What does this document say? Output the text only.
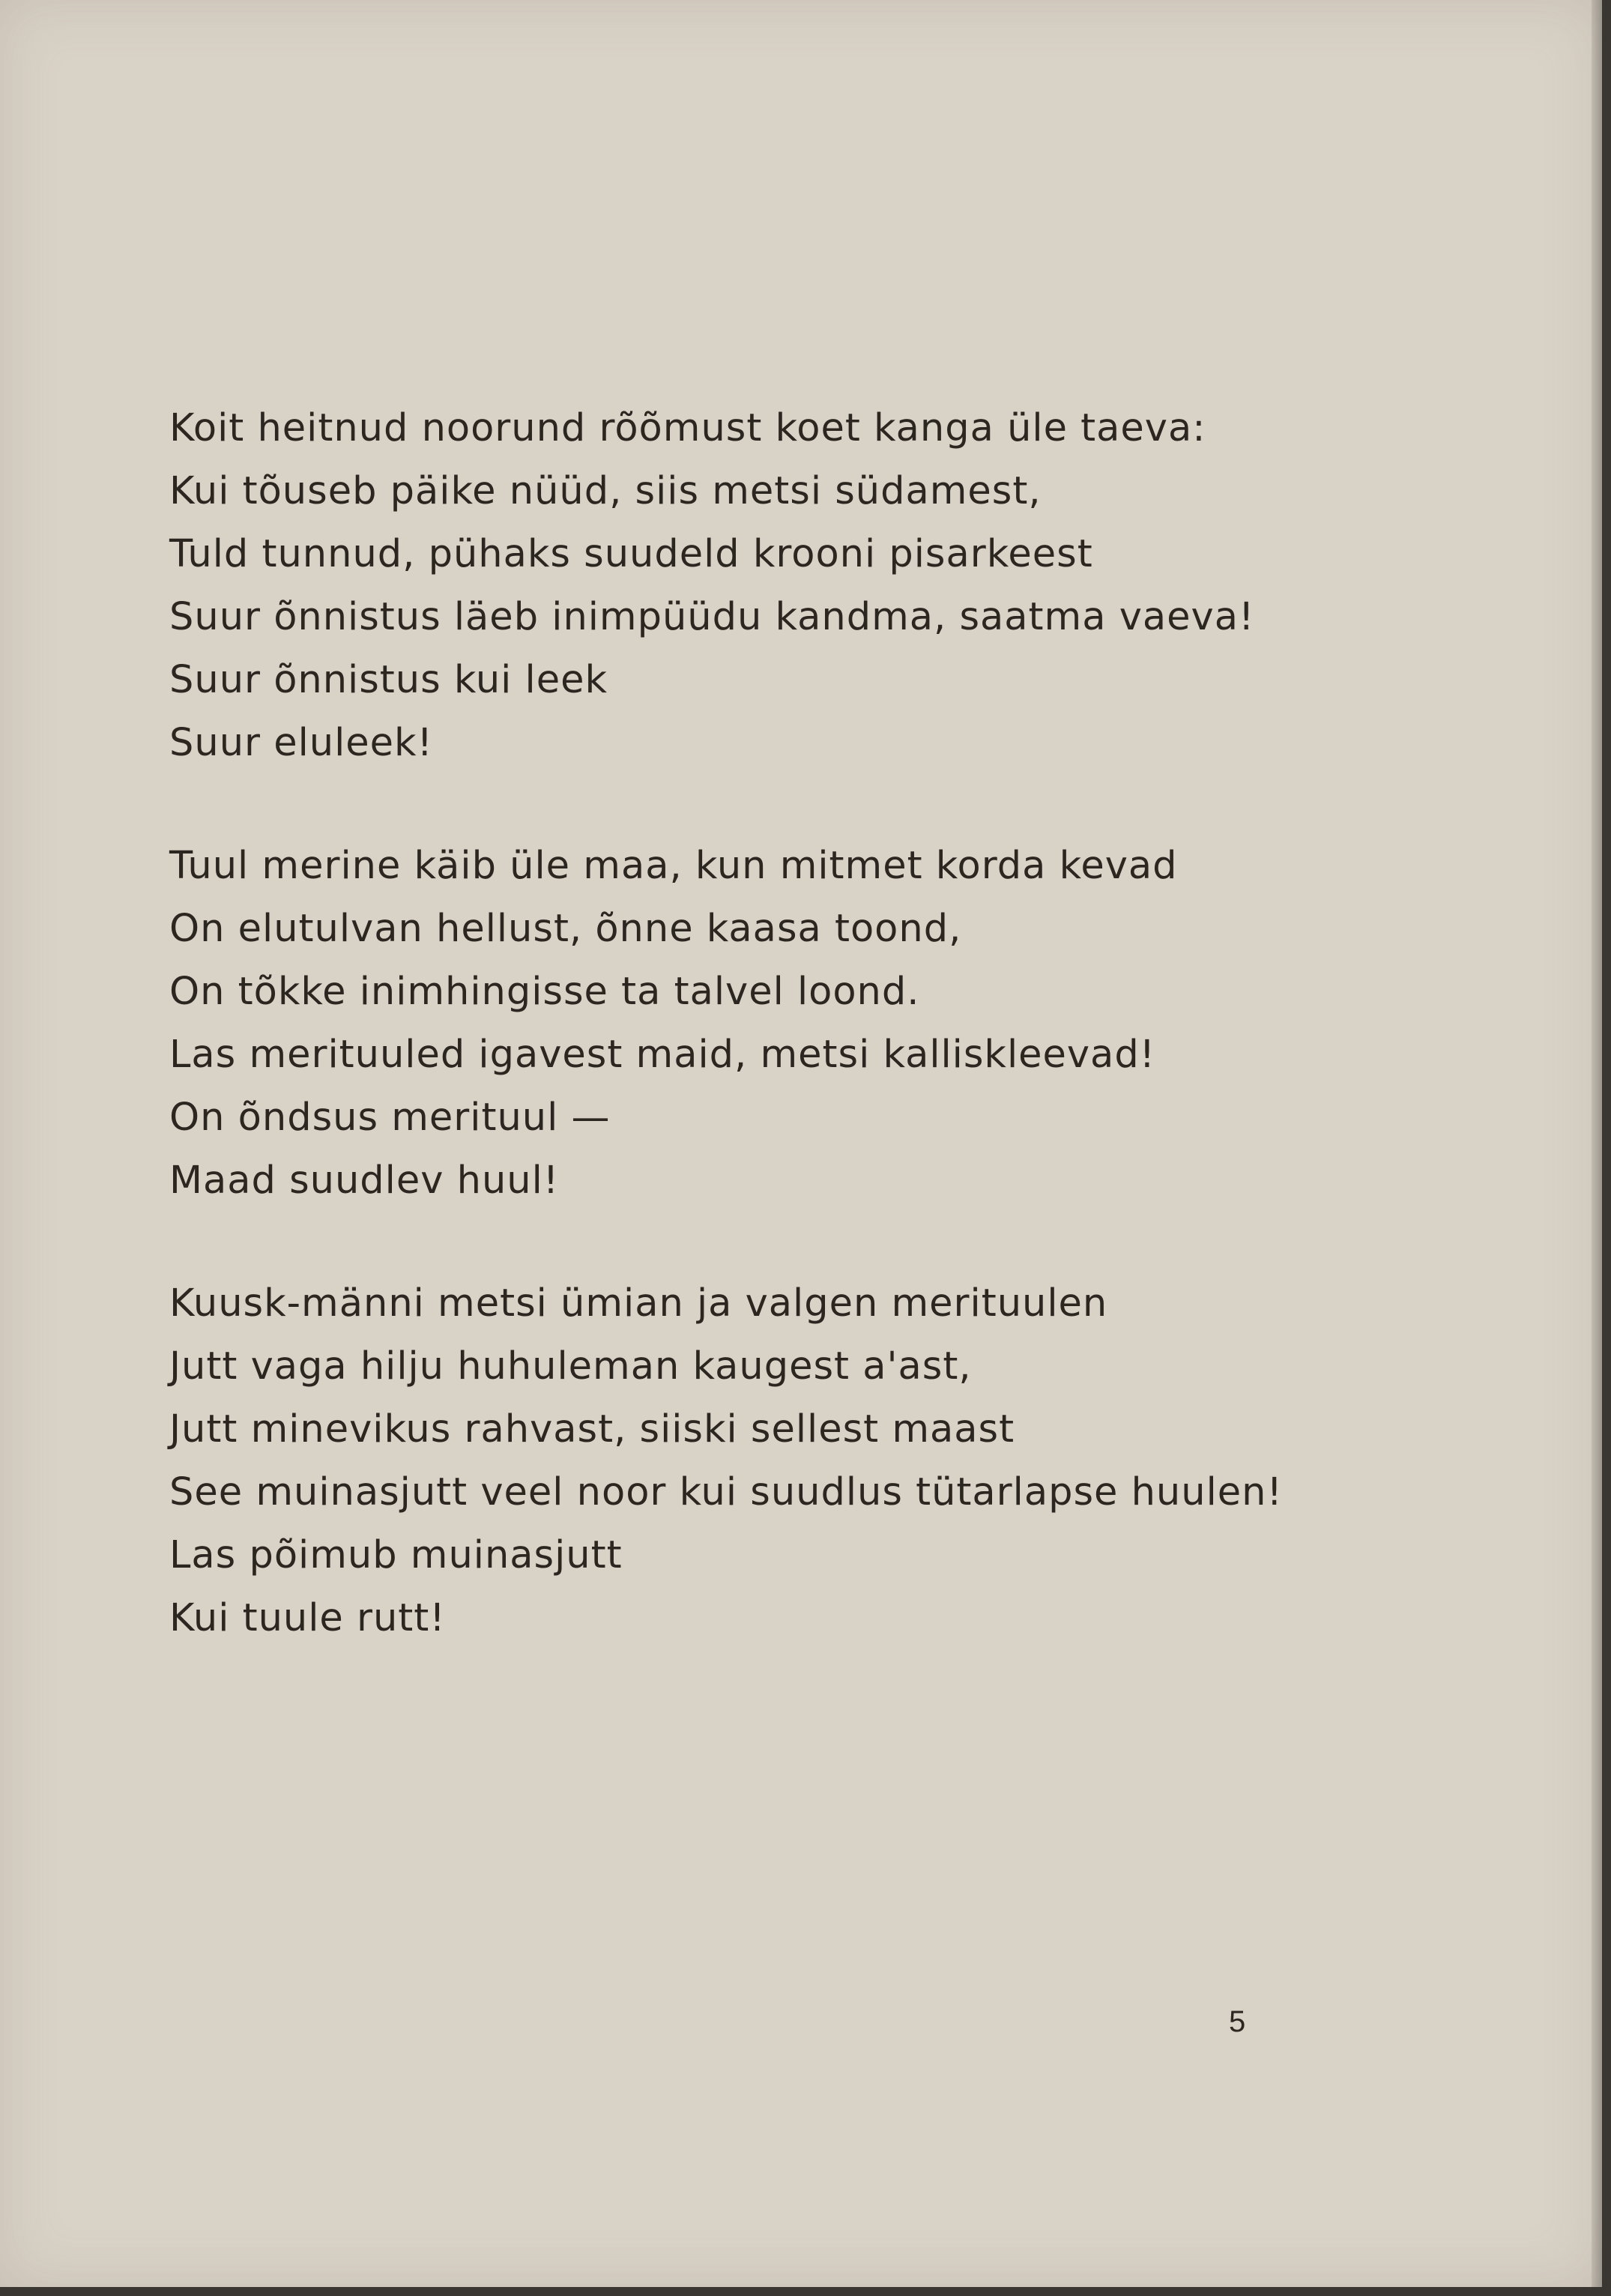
Koit heitnud noorund rõõmust koet kanga üle taeva:
Kui tõuseb päike nüüd, siis metsi südamest,
Tuld tunnud, pühaks suudeld krooni pisarkeest
Suur õnnistus läeb inimpüüdu kandma, saatma vaeva!
Suur õnnistus kui leek
Suur eluleek!
Tuul merine käib üle maa, kun mitmet korda kevad
On elutulvan hellust, õnne kaasa toond,
On tõkke inimhingisse ta talvel loond.
Las merituuled igavest maid, metsi kalliskleevad!
On õndsus merituul —
Maad suudlev huul!
Kuusk-männi metsi ümian ja valgen merituulen
Jutt vaga hilju huhuleman kaugest a'ast,
Jutt minevikus rahvast, siiski sellest maast
See muinasjutt veel noor kui suudlus tütarlapse huulen!
Las põimub muinasjutt
Kui tuule rutt!
5
